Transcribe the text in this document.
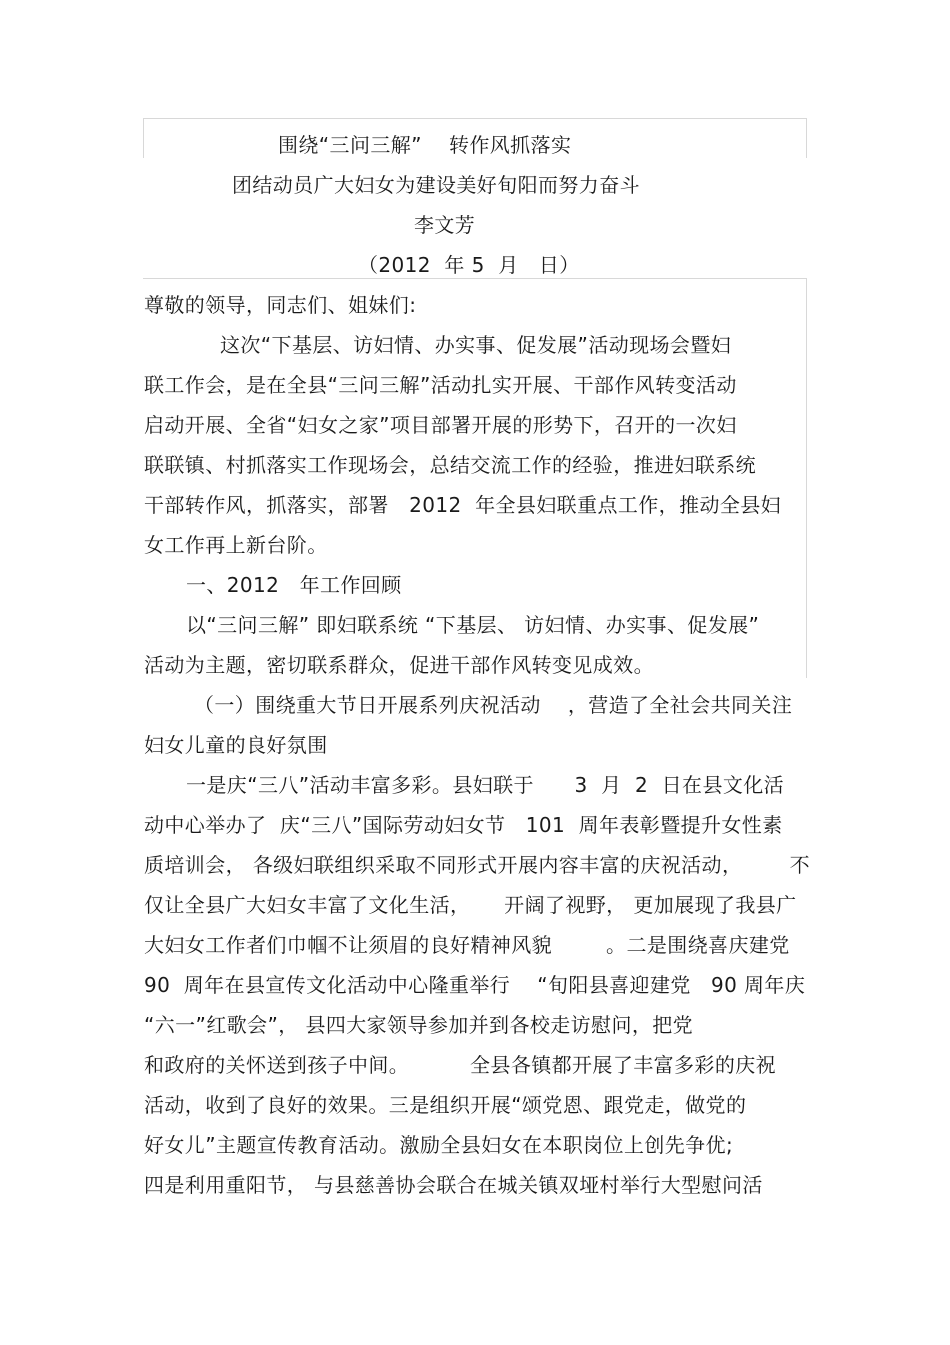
围绕“三问三解”    转作风抓落实
团结动员广大妇女为建设美好旬阳而努力奋斗
李文芳
（2012  年 5  月   日）
尊敬的领导，同志们、姐妹们:
这次“下基层、访妇情、办实事、促发展”活动现场会暨妇
联工作会，是在全县“三问三解”活动扎实开展、干部作风转变活动
启动开展、全省“妇女之家”项目部署开展的形势下，召开的一次妇
联联镇、村抓落实工作现场会，总结交流工作的经验，推进妇联系统
干部转作风，抓落实，部署   2012  年全县妇联重点工作，推动全县妇
女工作再上新台阶。
一、2012   年工作回顾
以“三问三解” 即妇联系统 “下基层、 访妇情、办实事、促发展”
活动为主题，密切联系群众，促进干部作风转变见成效。
（一）围绕重大节日开展系列庆祝活动    ，营造了全社会共同关注
妇女儿童的良好氛围
一是庆“三八”活动丰富多彩。县妇联于      3  月  2  日在县文化活
动中心举办了  庆“三八”国际劳动妇女节   101  周年表彰暨提升女性素
质培训会， 各级妇联组织采取不同形式开展内容丰富的庆祝活动，       不
仅让全县广大妇女丰富了文化生活，     开阔了视野， 更加展现了我县广
大妇女工作者们巾帼不让须眉的良好精神风貌        。二是围绕喜庆建党
90  周年在县宣传文化活动中心隆重举行    “旬阳县喜迎建党   90 周年庆
“六一”红歌会”， 县四大家领导参加并到各校走访慰问，把党
和政府的关怀送到孩子中间。         全县各镇都开展了丰富多彩的庆祝
活动，收到了良好的效果。三是组织开展“颂党恩、跟党走，做党的
好女儿”主题宣传教育活动。激励全县妇女在本职岗位上创先争优;
四是利用重阳节， 与县慈善协会联合在城关镇双垭村举行大型慰问活
